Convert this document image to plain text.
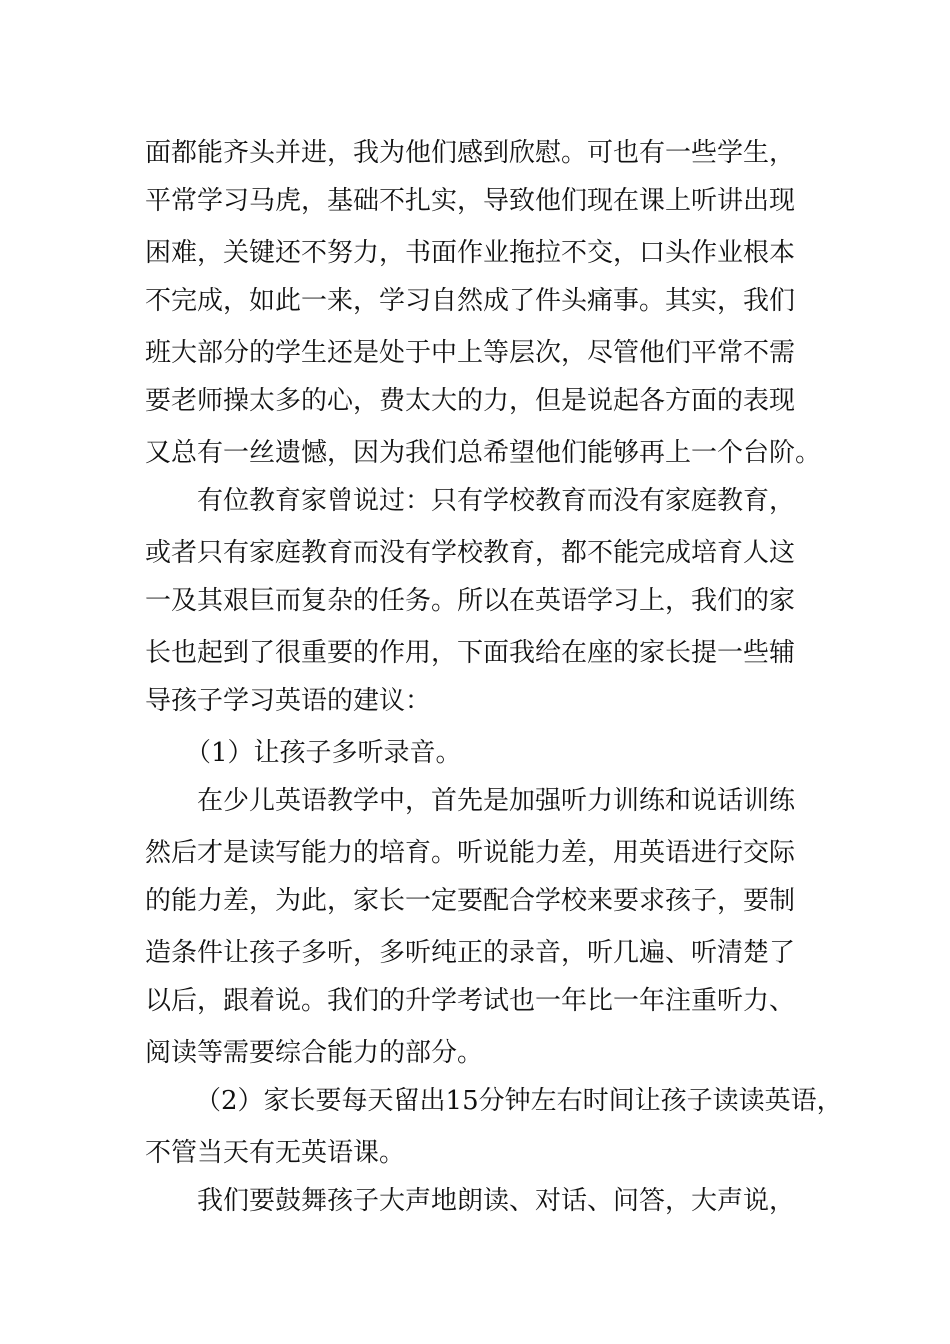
面都能齐头并进，我为他们感到欣慰。可也有一些学生，
平常学习马虎，基础不扎实，导致他们现在课上听讲出现
困难，关键还不努力，书面作业拖拉不交，口头作业根本
不完成，如此一来，学习自然成了件头痛事。其实，我们
班大部分的学生还是处于中上等层次，尽管他们平常不需
要老师操太多的心，费太大的力，但是说起各方面的表现
又总有一丝遗憾，因为我们总希望他们能够再上一个台阶。
有位教育家曾说过：只有学校教育而没有家庭教育，
或者只有家庭教育而没有学校教育，都不能完成培育人这
一及其艰巨而复杂的任务。所以在英语学习上，我们的家
长也起到了很重要的作用，下面我给在座的家长提一些辅
导孩子学习英语的建议：
（1）让孩子多听录音。
在少儿英语教学中，首先是加强听力训练和说话训练
然后才是读写能力的培育。听说能力差，用英语进行交际
的能力差，为此，家长一定要配合学校来要求孩子，要制
造条件让孩子多听，多听纯正的录音，听几遍、听清楚了
以后，跟着说。我们的升学考试也一年比一年注重听力、
阅读等需要综合能力的部分。
（2）家长要每天留出15分钟左右时间让孩子读读英语，
不管当天有无英语课。
我们要鼓舞孩子大声地朗读、对话、问答，大声说，
